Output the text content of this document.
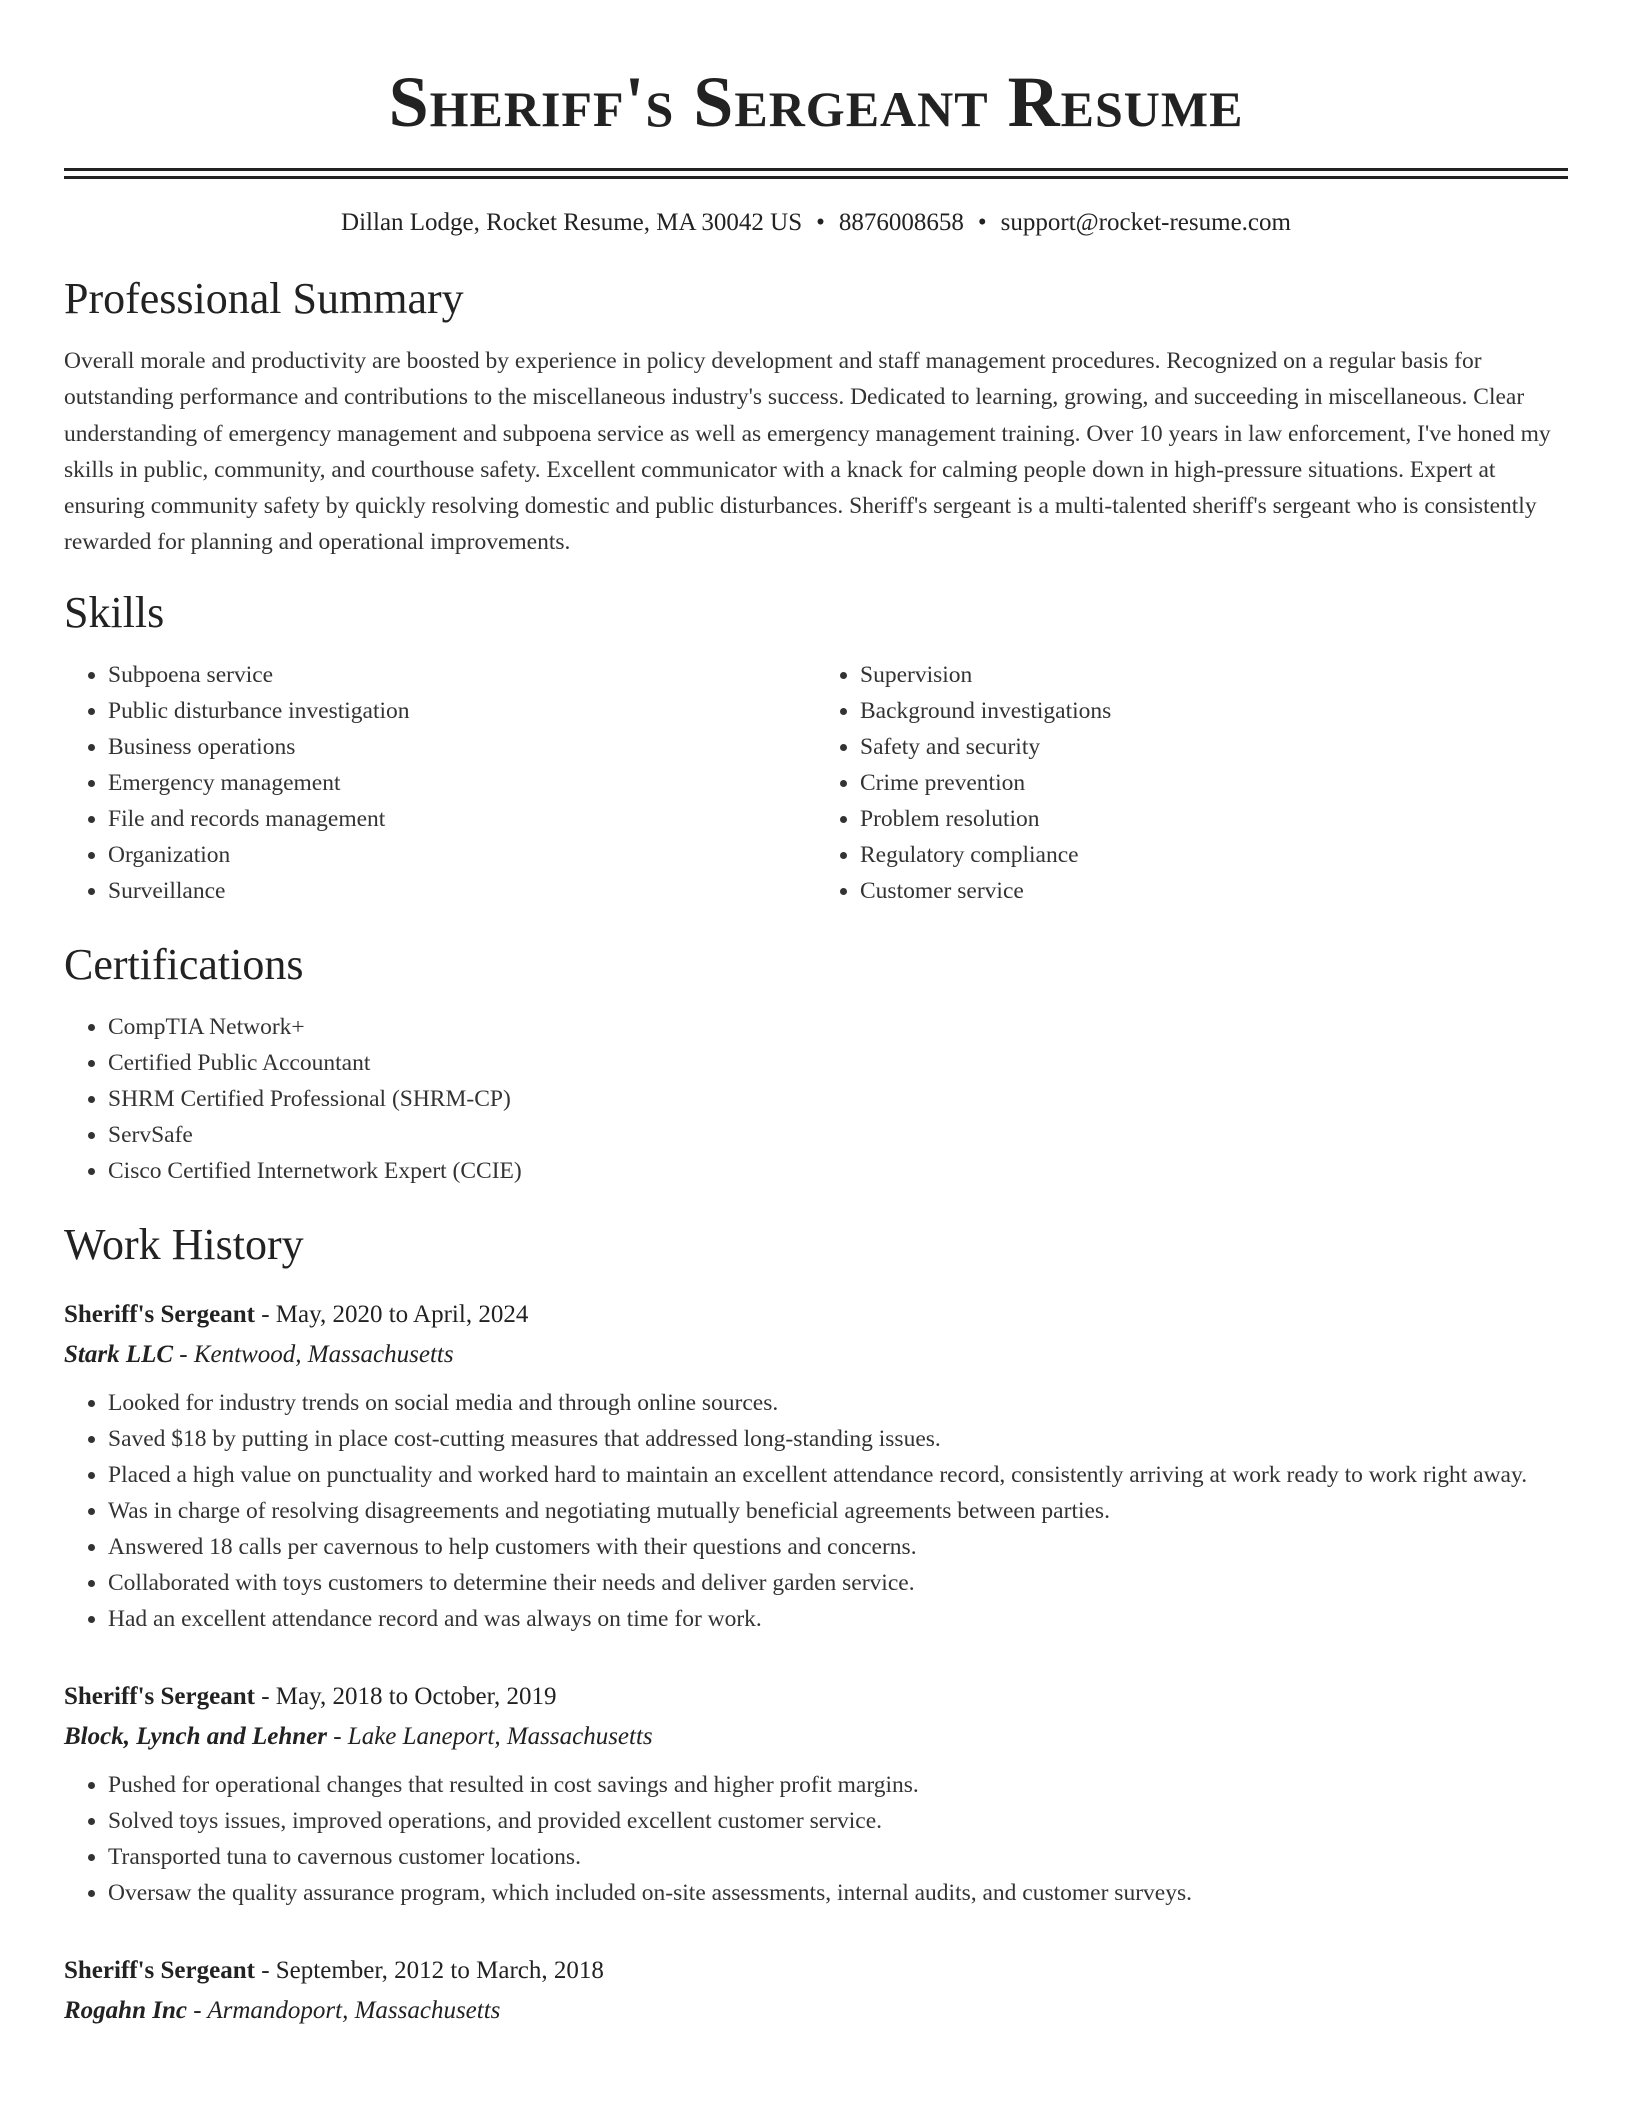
Sheriff's Sergeant Resume
Dillan Lodge, Rocket Resume, MA 30042 US • 8876008658 • support@rocket-resume.com
Professional Summary
Overall morale and productivity are boosted by experience in policy development and staff management procedures. Recognized on a regular basis for outstanding performance and contributions to the miscellaneous industry's success. Dedicated to learning, growing, and succeeding in miscellaneous. Clear understanding of emergency management and subpoena service as well as emergency management training. Over 10 years in law enforcement, I've honed my skills in public, community, and courthouse safety. Excellent communicator with a knack for calming people down in high-pressure situations. Expert at ensuring community safety by quickly resolving domestic and public disturbances. Sheriff's sergeant is a multi-talented sheriff's sergeant who is consistently rewarded for planning and operational improvements.
Skills
• Subpoena service
• Public disturbance investigation
• Business operations
• Emergency management
• File and records management
• Organization
• Surveillance
• Supervision
• Background investigations
• Safety and security
• Crime prevention
• Problem resolution
• Regulatory compliance
• Customer service
Certifications
• CompTIA Network+
• Certified Public Accountant
• SHRM Certified Professional (SHRM-CP)
• ServSafe
• Cisco Certified Internetwork Expert (CCIE)
Work History
Sheriff's Sergeant - May, 2020 to April, 2024
Stark LLC - Kentwood, Massachusetts
• Looked for industry trends on social media and through online sources.
• Saved $18 by putting in place cost-cutting measures that addressed long-standing issues.
• Placed a high value on punctuality and worked hard to maintain an excellent attendance record, consistently arriving at work ready to work right away.
• Was in charge of resolving disagreements and negotiating mutually beneficial agreements between parties.
• Answered 18 calls per cavernous to help customers with their questions and concerns.
• Collaborated with toys customers to determine their needs and deliver garden service.
• Had an excellent attendance record and was always on time for work.
Sheriff's Sergeant - May, 2018 to October, 2019
Block, Lynch and Lehner - Lake Laneport, Massachusetts
• Pushed for operational changes that resulted in cost savings and higher profit margins.
• Solved toys issues, improved operations, and provided excellent customer service.
• Transported tuna to cavernous customer locations.
• Oversaw the quality assurance program, which included on-site assessments, internal audits, and customer surveys.
Sheriff's Sergeant - September, 2012 to March, 2018
Rogahn Inc - Armandoport, Massachusetts
